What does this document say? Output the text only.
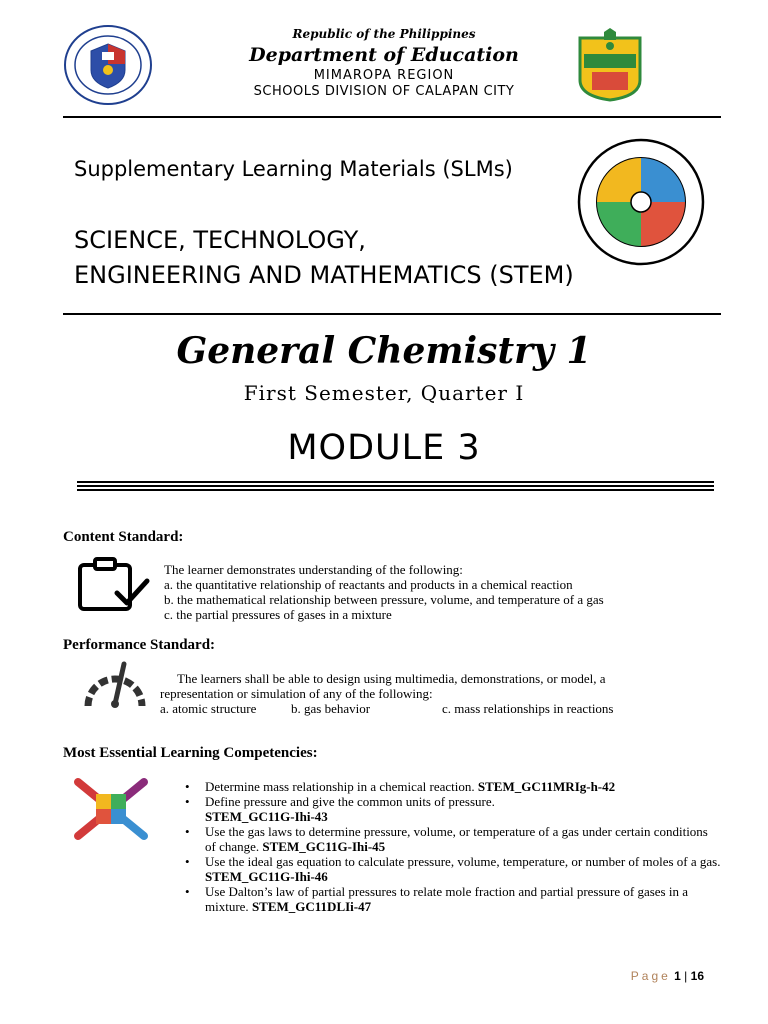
Republic of the Philippines
Department of Education
MIMAROPA REGION
SCHOOLS DIVISION OF CALAPAN CITY
Supplementary Learning Materials (SLMs)
SCIENCE, TECHNOLOGY,
ENGINEERING AND MATHEMATICS (STEM)
General Chemistry 1
First Semester, Quarter I
MODULE 3
Content Standard:
The learner demonstrates understanding of the following:
a. the quantitative relationship of reactants and products in a chemical reaction
b. the mathematical relationship between pressure, volume, and temperature of a gas
c. the partial pressures of gases in a mixture
Performance Standard:
The learners shall be able to design using multimedia, demonstrations, or model, a
representation or simulation of any of the following:
a. atomic structure	b. gas behavior	c. mass relationships in reactions
Most Essential Learning Competencies:
• Determine mass relationship in a chemical reaction. STEM_GC11MRIg-h-42
• Define pressure and give the common units of pressure.
STEM_GC11G-Ihi-43
• Use the gas laws to determine pressure, volume, or temperature of a gas under certain conditions of change. STEM_GC11G-Ihi-45
• Use the ideal gas equation to calculate pressure, volume, temperature, or number of moles of a gas. STEM_GC11G-Ihi-46
• Use Dalton’s law of partial pressures to relate mole fraction and partial pressure of gases in a mixture. STEM_GC11DLIi-47
Page 1 | 16
